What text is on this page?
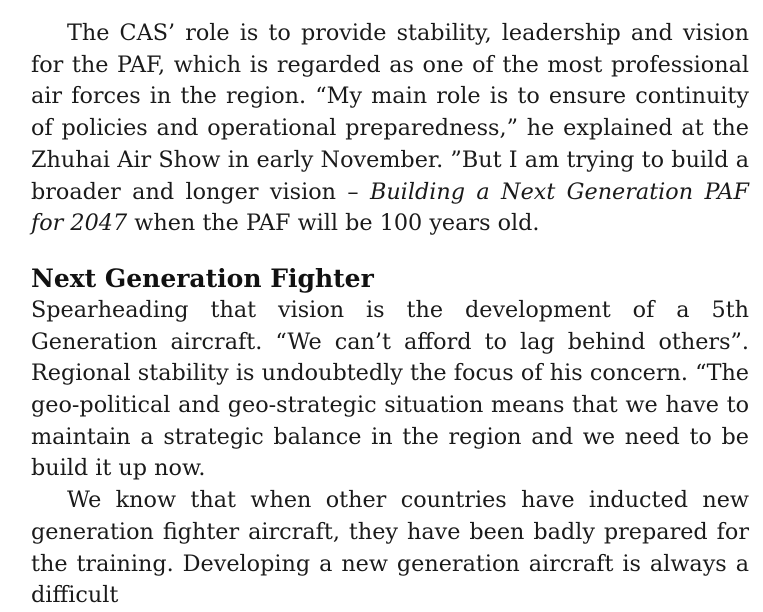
The CAS’ role is to provide stability, leadership and vision for the PAF, which is regarded as one of the most professional air forces in the region. “My main role is to ensure continuity of policies and operational preparedness,” he explained at the Zhuhai Air Show in early November. ”But I am trying to build a broader and longer vision – Building a Next Generation PAF for 2047 when the PAF will be 100 years old.

Next Generation Fighter

Spearheading that vision is the development of a 5th Generation aircraft. “We can’t afford to lag behind others”. Regional stability is undoubtedly the focus of his concern. “The geo-political and geo-strategic situation means that we have to maintain a strategic balance in the region and we need to be build it up now.

We know that when other countries have inducted new generation fighter aircraft, they have been badly prepared for the training. Developing a new generation aircraft is always a difficult
